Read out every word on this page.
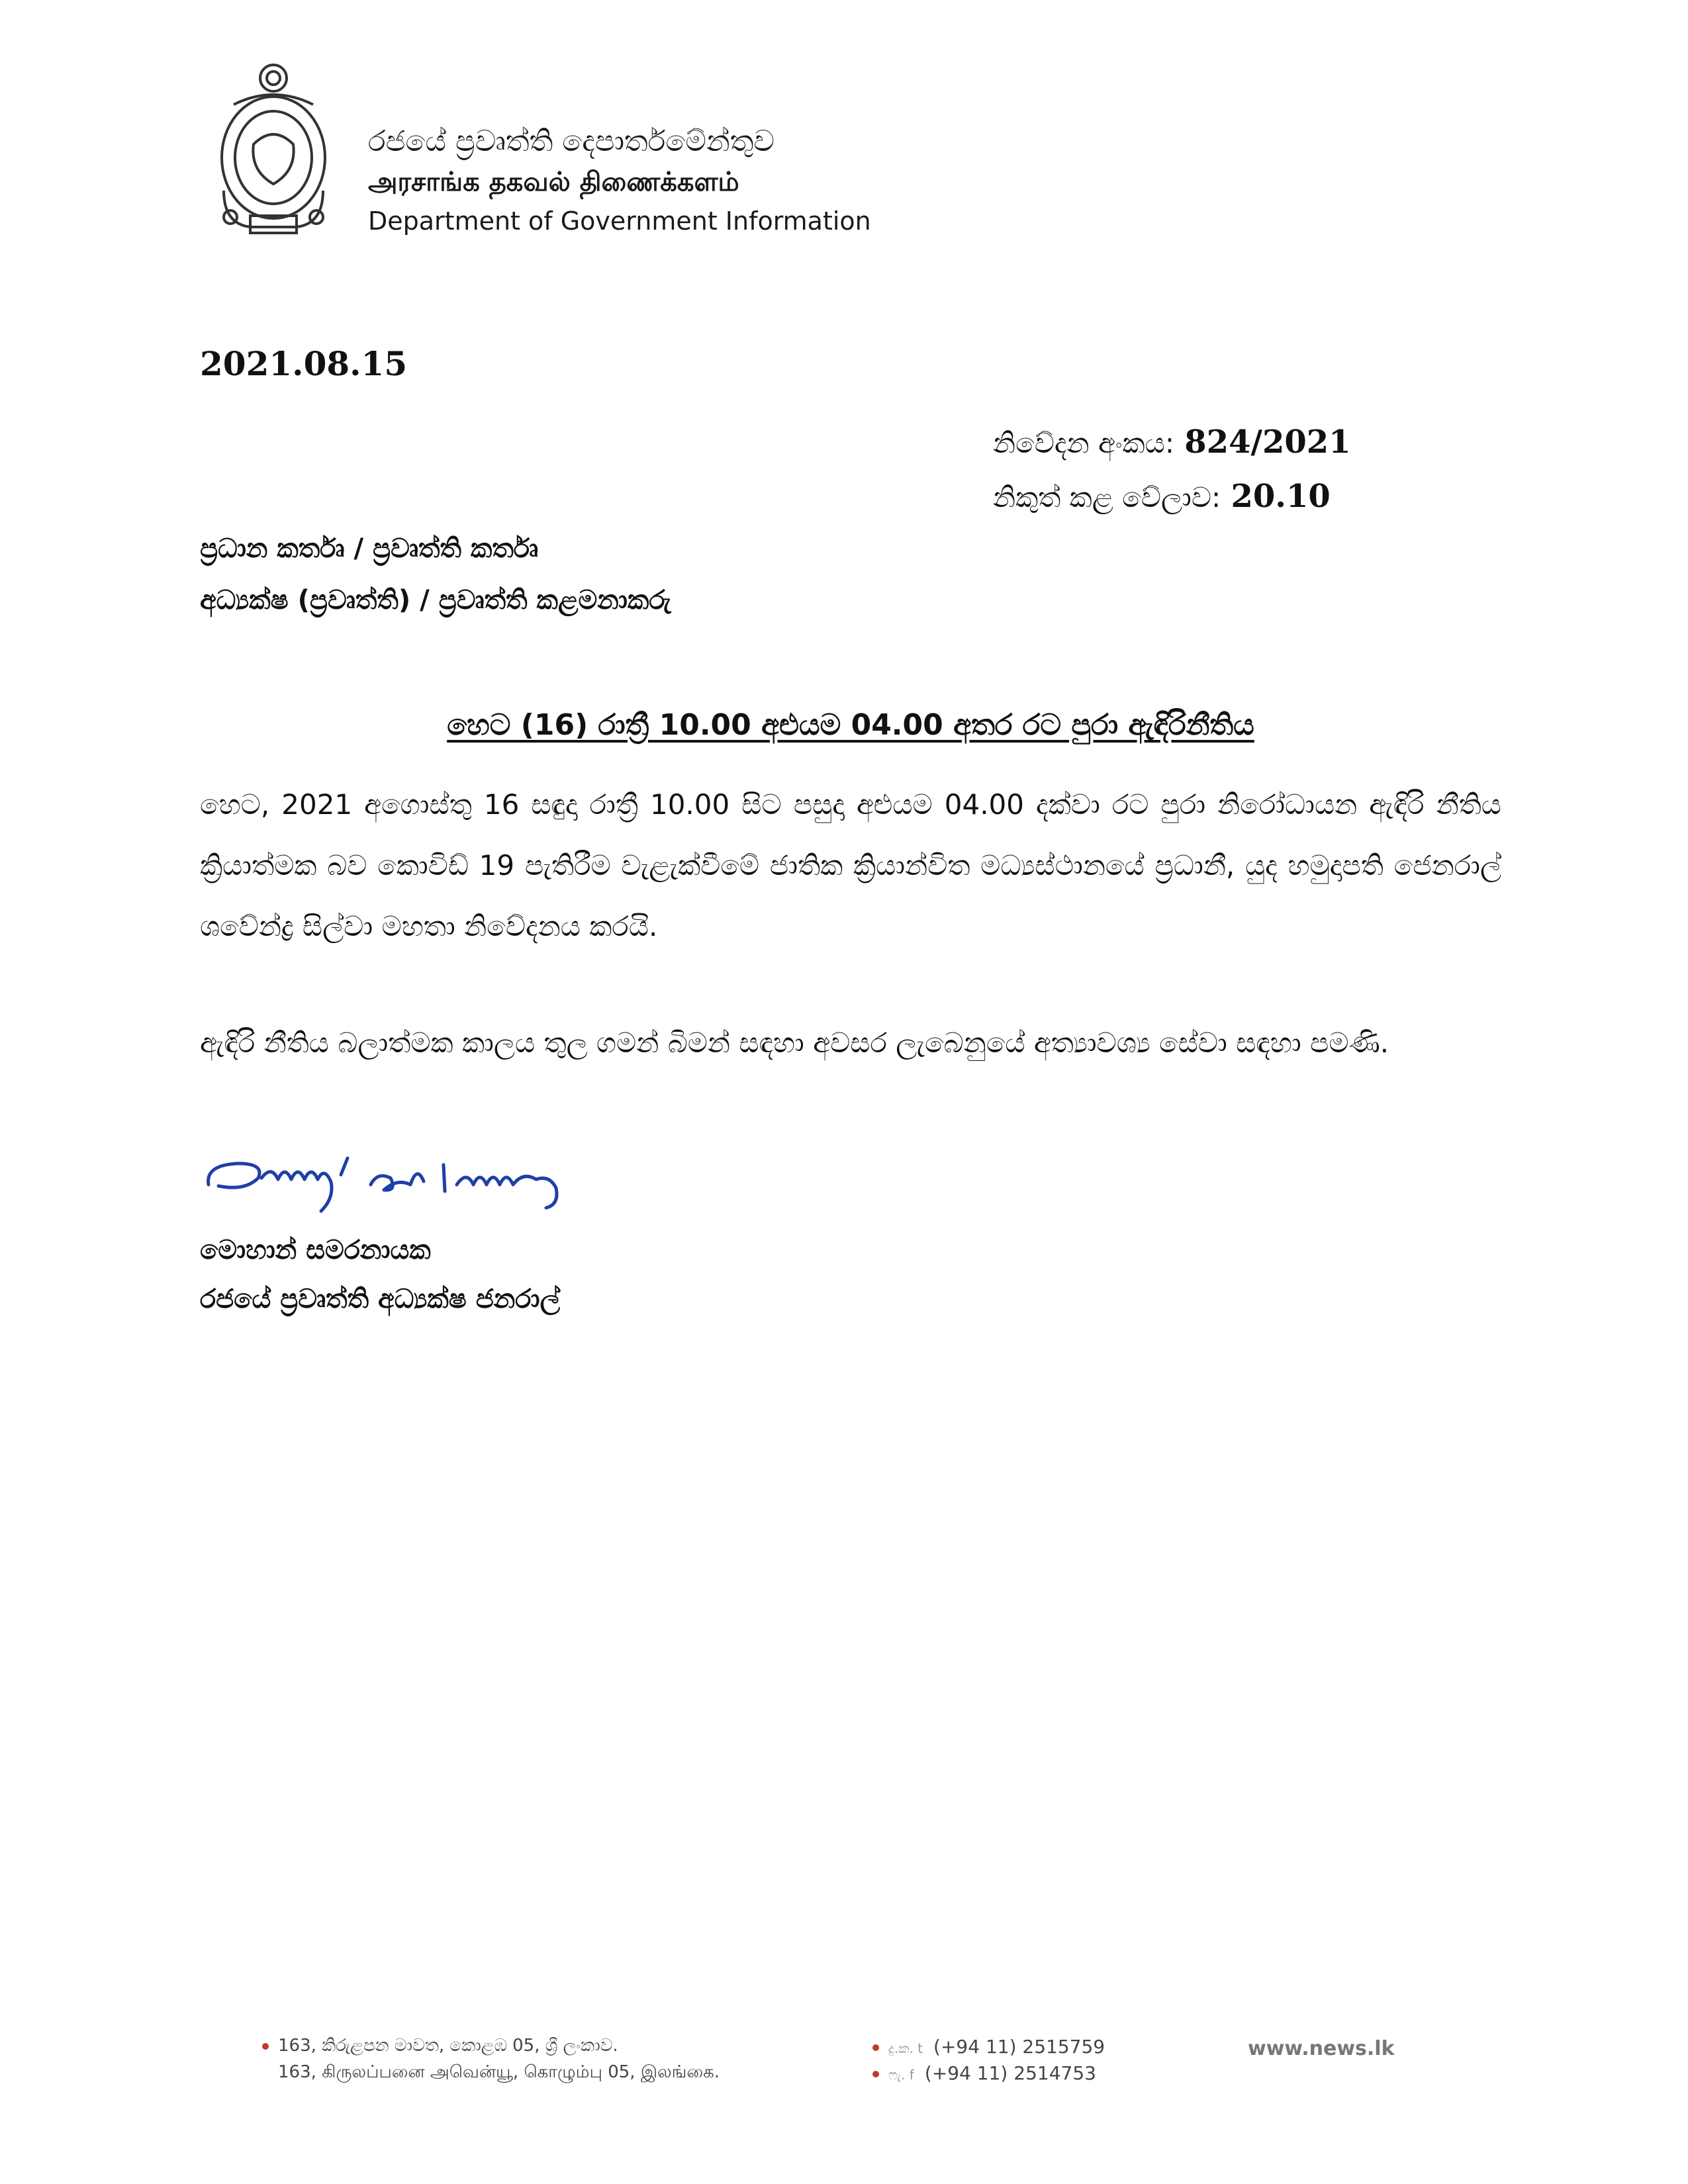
රජයේ ප්‍රවෘත්ති දෙපාර්තමේන්තුව
அரசாங்க தகவல் திணைக்களம்
Department of Government Information
2021.08.15
නිවේදන අංකය: 824/2021
නිකුත් කළ වේලාව: 20.10
ප්‍රධාන කර්තෘ / ප්‍රවෘත්ති කර්තෘ
අධ්‍යක්ෂ (ප්‍රවෘත්ති) / ප්‍රවෘත්ති කළමනාකරු
හෙට (16) රාත්‍රී 10.00 අළුයම 04.00 අතර රට පුරා ඇඳිරිනීතිය
හෙට, 2021 අගොස්තු 16 සඳුදා රාත්‍රී 10.00 සිට පසුදා අළුයම 04.00 දක්වා රට පුරා නිරෝධායන ඇඳිරි නීතිය ක්‍රියාත්මක බව කොවිඩ් 19 පැතිරීම වැළැක්වීමේ ජාතික ක්‍රියාන්විත මධ්‍යස්ථානයේ ප්‍රධානී, යුද හමුදාපති ජෙනරාල් ශවේන්ද්‍ර සිල්වා මහතා නිවේදනය කරයි.
ඇඳිරි නීතිය බලාත්මක කාලය තුල ගමන් බිමන් සඳහා අවසර ලැබෙනුයේ අත්‍යාවශ්‍ය සේවා සඳහා පමණි.
මොහාන් සමරනායක
රජයේ ප්‍රවෘත්ති අධ්‍යක්ෂ ජනරාල්
163, කිරුළපන මාවත, කොළඹ 05, ශ්‍රී ලංකාව.
163, கிருலப்பனை அவென்யூ, கொழும்பு 05, இலங்கை.
දු.ක. t (+94 11) 2515759
ෆැ. f (+94 11) 2514753
www.news.lk
